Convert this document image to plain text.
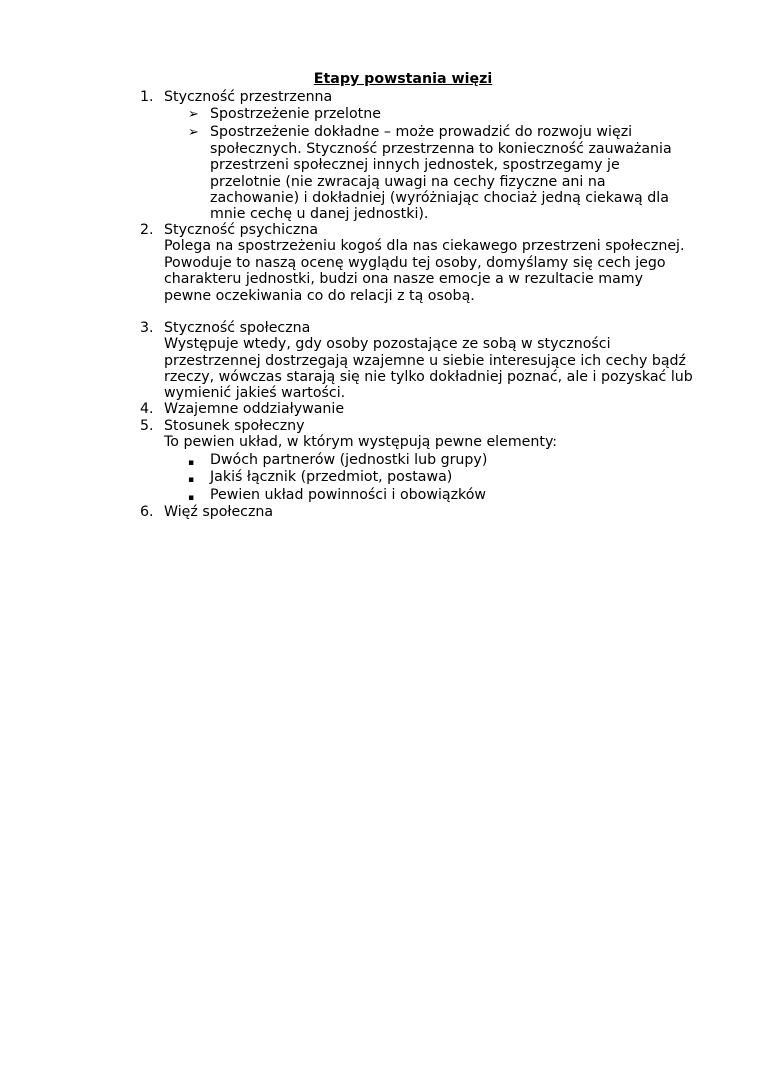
Etapy powstania więzi
1. Styczność przestrzenna
➢ Spostrzeżenie przelotne
➢ Spostrzeżenie dokładne – może prowadzić do rozwoju więzi
społecznych. Styczność przestrzenna to konieczność zauważania
przestrzeni społecznej innych jednostek, spostrzegamy je
przelotnie (nie zwracają uwagi na cechy fizyczne ani na
zachowanie) i dokładniej (wyróżniając chociaż jedną ciekawą dla
mnie cechę u danej jednostki).
2. Styczność psychiczna
Polega na spostrzeżeniu kogoś dla nas ciekawego przestrzeni społecznej.
Powoduje to naszą ocenę wyglądu tej osoby, domyślamy się cech jego
charakteru jednostki, budzi ona nasze emocje a w rezultacie mamy
pewne oczekiwania co do relacji z tą osobą.
3. Styczność społeczna
Występuje wtedy, gdy osoby pozostające ze sobą w styczności
przestrzennej dostrzegają wzajemne u siebie interesujące ich cechy bądź
rzeczy, wówczas starają się nie tylko dokładniej poznać, ale i pozyskać lub
wymienić jakieś wartości.
4. Wzajemne oddziaływanie
5. Stosunek społeczny
To pewien układ, w którym występują pewne elementy:
▪ Dwóch partnerów (jednostki lub grupy)
▪ Jakiś łącznik (przedmiot, postawa)
▪ Pewien układ powinności i obowiązków
6. Więź społeczna
